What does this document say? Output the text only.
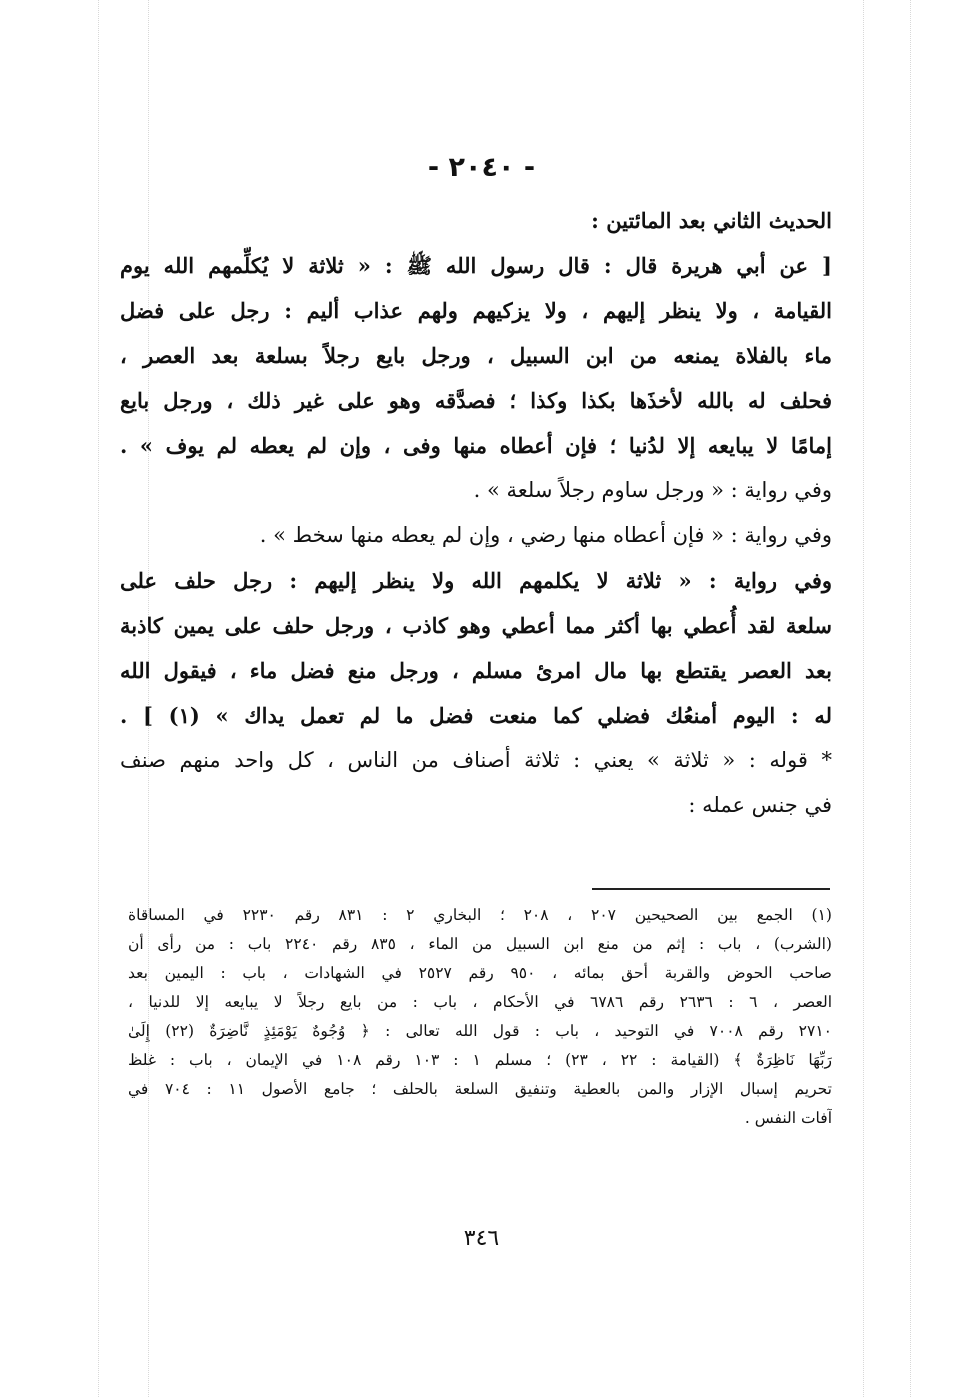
- ٢٠٤٠ -
الحديث الثاني بعد المائتين :
[ عن أبي هريرة قال : قال رسول الله ﷺ : « ثلاثة لا يُكلِّمهم الله يوم
القيامة ، ولا ينظر إليهم ، ولا يزكيهم ولهم عذاب أليم : رجل على فضل
ماء بالفلاة يمنعه من ابن السبيل ، ورجل بايع رجلاً بسلعة بعد العصر ،
فحلف له بالله لأخذَها بكذا وكذا ؛ فصدَّقه وهو على غير ذلك ، ورجل بايع
إمامًا لا يبايعه إلا لدُنيا ؛ فإن أعطاه منها وفى ، وإن لم يعطه لم يوف » .
وفي رواية : « ورجل ساوم رجلاً سلعة » .
وفي رواية : « فإن أعطاه منها رضي ، وإن لم يعطه منها سخط » .
وفي رواية : « ثلاثة لا يكلمهم الله ولا ينظر إليهم : رجل حلف على
سلعة لقد أُعطي بها أكثر مما أعطي وهو كاذب ، ورجل حلف على يمين كاذبة
بعد العصر يقتطع بها مال امرئ مسلم ، ورجل منع فضل ماء ، فيقول الله
له : اليوم أمنعُك فضلي كما منعت فضل ما لم تعمل يداك » (١) ] .
* قوله : « ثلاثة » يعني : ثلاثة أصناف من الناس ، كل واحد منهم صنف
في جنس عمله :
(١) الجمع بين الصحيحين ٢٠٧ ، ٢٠٨ ؛ البخاري ٢ : ٨٣١ رقم ٢٢٣٠ في المساقاة
(الشرب) ، باب : إثم من منع ابن السبيل من الماء ، ٨٣٥ رقم ٢٢٤٠ باب : من رأى أن
صاحب الحوض والقربة أحق بمائه ، ٩٥٠ رقم ٢٥٢٧ في الشهادات ، باب : اليمين بعد
العصر ، ٦ : ٢٦٣٦ رقم ٦٧٨٦ في الأحكام ، باب : من بايع رجلاً لا يبايعه إلا للدنيا ،
٢٧١٠ رقم ٧٠٠٨ في التوحيد ، باب : قول الله تعالى : ﴿ وُجُوهٌ يَوْمَئِذٍ نَّاضِرَةٌ (٢٢) إِلَىٰ
رَبِّهَا نَاظِرَةٌ ﴾ (القيامة : ٢٢ ، ٢٣) ؛ مسلم ١ : ١٠٣ رقم ١٠٨ في الإيمان ، باب : غلظ
تحريم إسبال الإزار والمن بالعطية وتنفيق السلعة بالحلف ؛ جامع الأصول ١١ : ٧٠٤ في
آفات النفس .
٣٤٦
